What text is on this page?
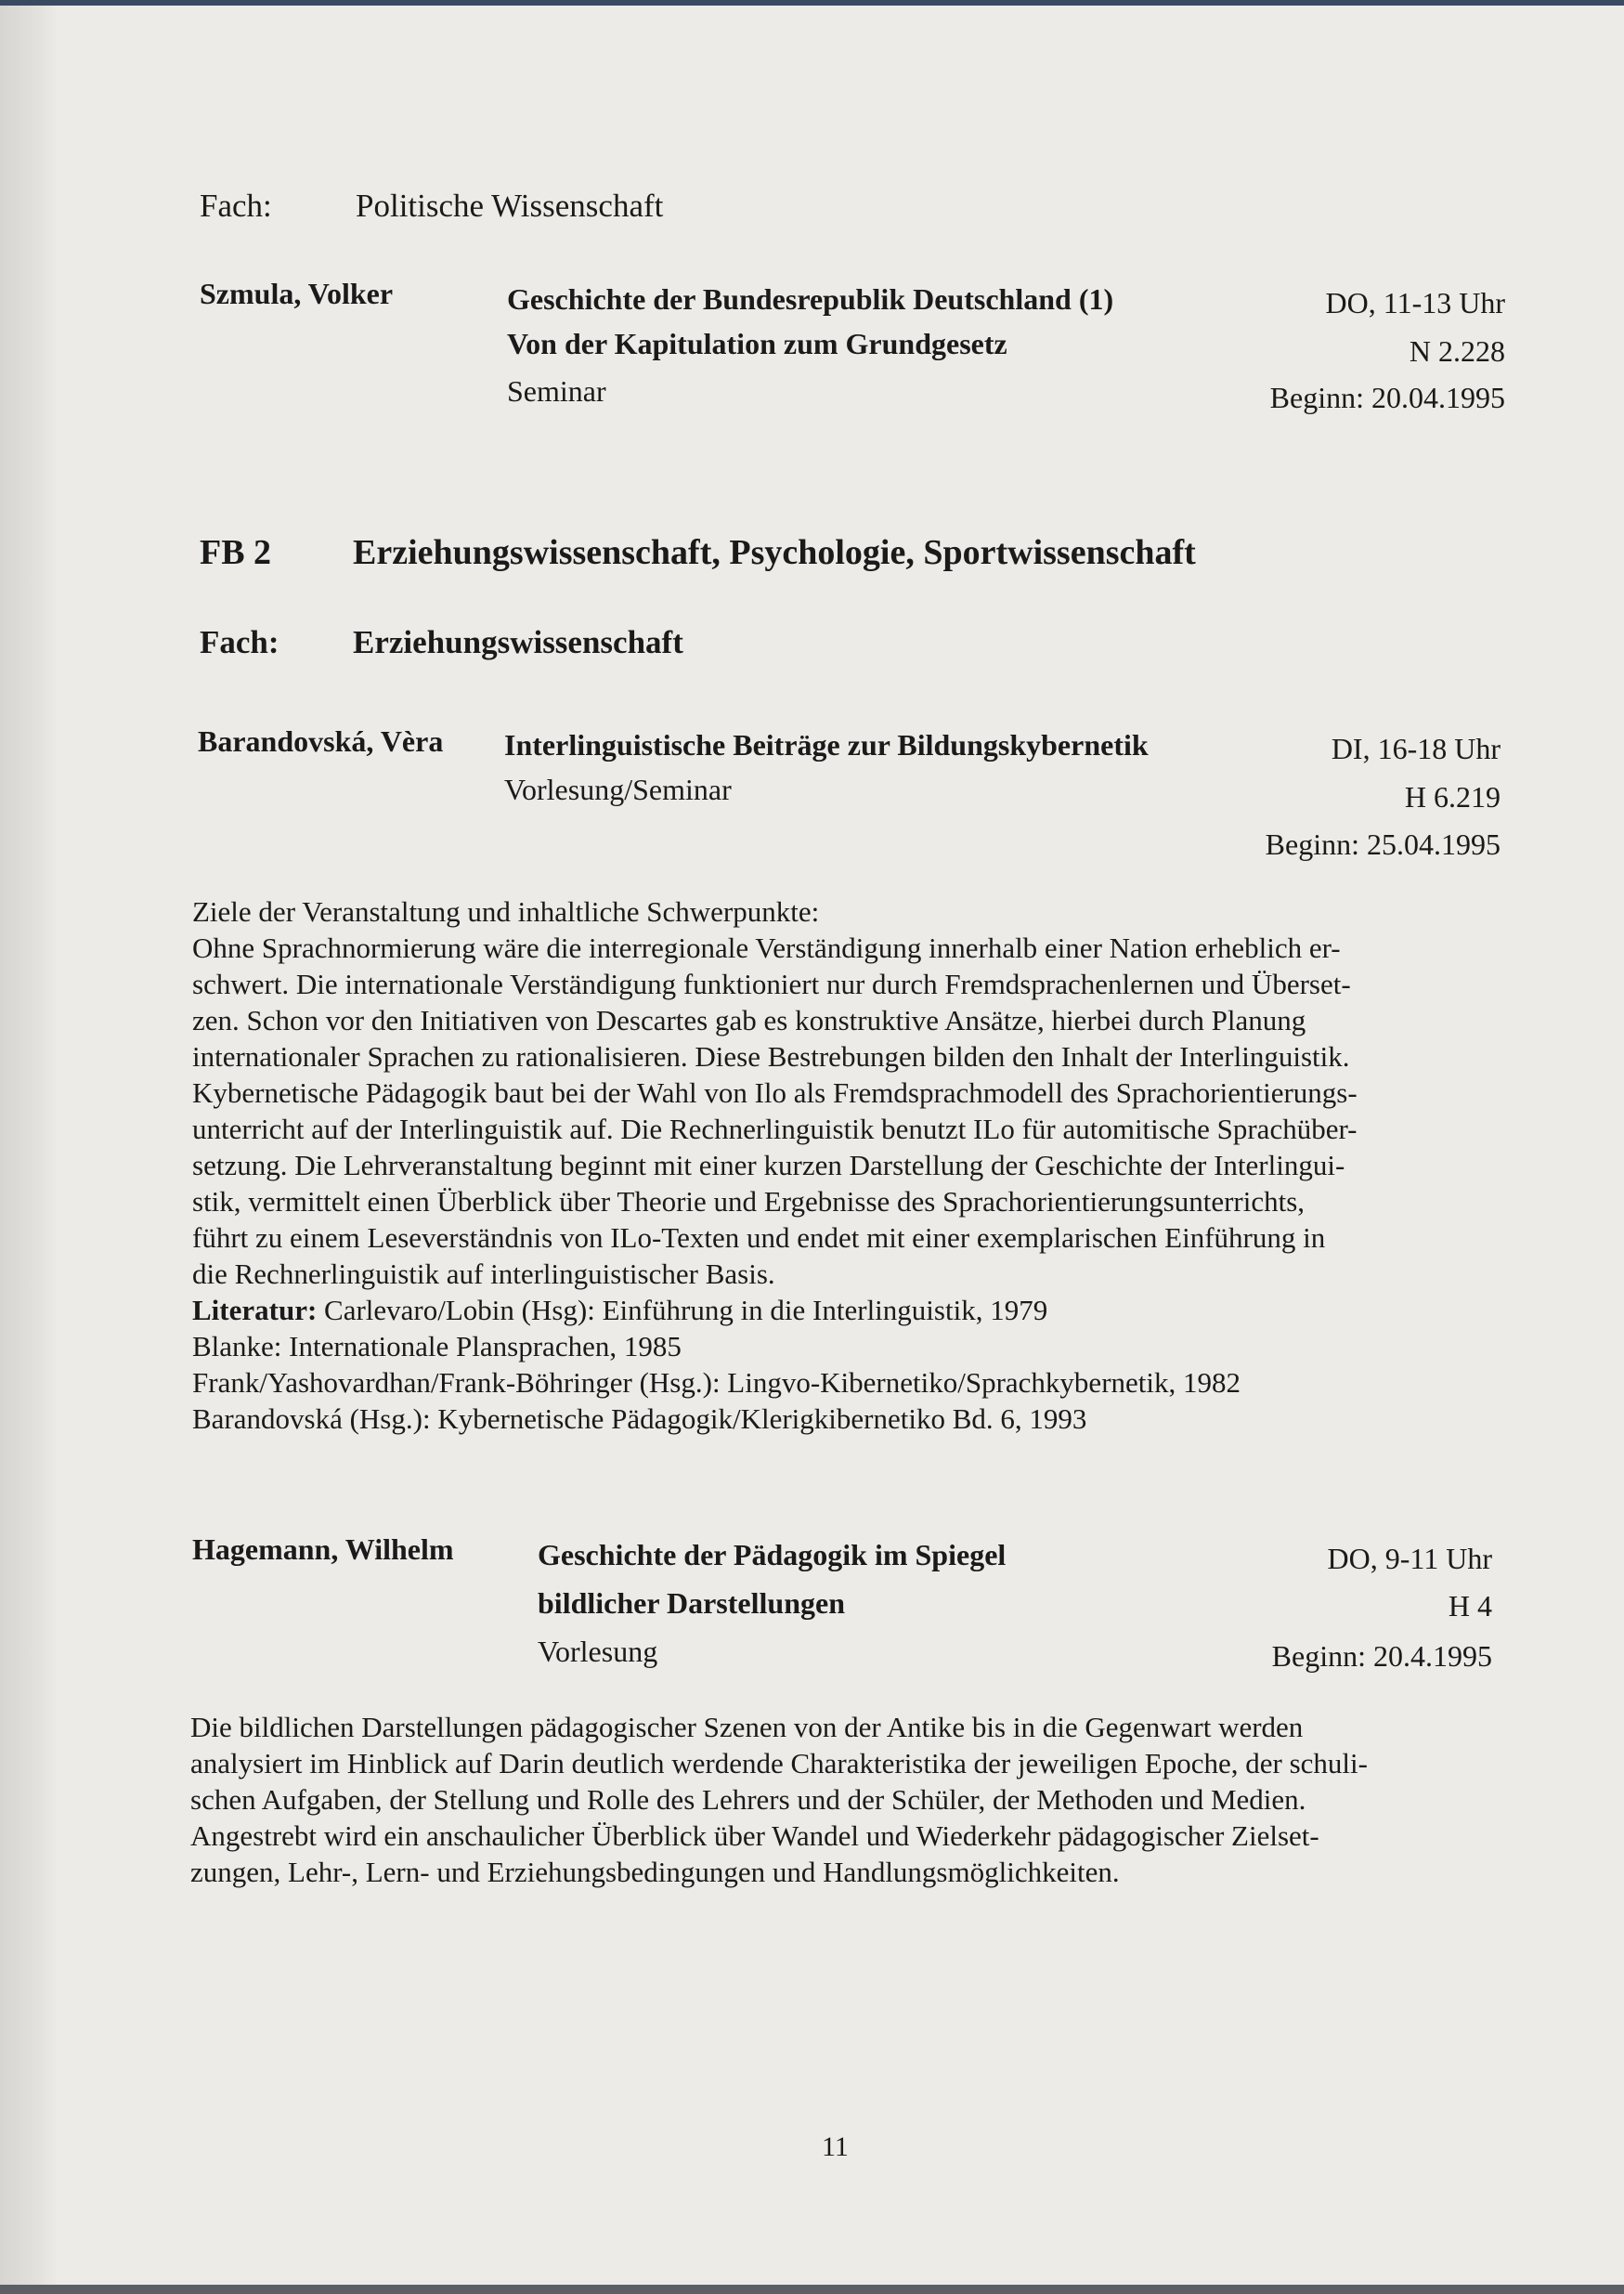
Fach:	Politische Wissenschaft
Szmula, Volker	Geschichte der Bundesrepublik Deutschland (1)
Von der Kapitulation zum Grundgesetz
Seminar
DO, 11-13 Uhr
N 2.228
Beginn: 20.04.1995
FB 2 Erziehungswissenschaft, Psychologie, Sportwissenschaft
Fach: Erziehungswissenschaft
Barandovská, Vèra Interlinguistische Beiträge zur Bildungskybernetik
Vorlesung/Seminar
DI, 16-18 Uhr
H 6.219
Beginn: 25.04.1995
Ziele der Veranstaltung und inhaltliche Schwerpunkte:
Ohne Sprachnormierung wäre die interregionale Verständigung innerhalb einer Nation erheblich er-
schwert. Die internationale Verständigung funktioniert nur durch Fremdsprachenlernen und Überset-
zen. Schon vor den Initiativen von Descartes gab es konstruktive Ansätze, hierbei durch Planung
internationaler Sprachen zu rationalisieren. Diese Bestrebungen bilden den Inhalt der Interlinguistik.
Kybernetische Pädagogik baut bei der Wahl von Ilo als Fremdsprachmodell des Sprachorientierungs-
unterricht auf der Interlinguistik auf. Die Rechnerlinguistik benutzt ILo für automitische Sprachüber-
setzung. Die Lehrveranstaltung beginnt mit einer kurzen Darstellung der Geschichte der Interlingui-
stik, vermittelt einen Überblick über Theorie und Ergebnisse des Sprachorientierungsunterrichts,
führt zu einem Leseverständnis von ILo-Texten und endet mit einer exemplarischen Einführung in
die Rechnerlinguistik auf interlinguistischer Basis.
Literatur: Carlevaro/Lobin (Hsg): Einführung in die Interlinguistik, 1979
Blanke: Internationale Plansprachen, 1985
Frank/Yashovardhan/Frank-Böhringer (Hsg.): Lingvo-Kibernetiko/Sprachkybernetik, 1982
Barandovská (Hsg.): Kybernetische Pädagogik/Klerigkibernetiko Bd. 6, 1993
Hagemann, Wilhelm	Geschichte der Pädagogik im Spiegel
bildlicher Darstellungen
Vorlesung
DO, 9-11 Uhr
H 4
Beginn: 20.4.1995
Die bildlichen Darstellungen pädagogischer Szenen von der Antike bis in die Gegenwart werden
analysiert im Hinblick auf Darin deutlich werdende Charakteristika der jeweiligen Epoche, der schuli-
schen Aufgaben, der Stellung und Rolle des Lehrers und der Schüler, der Methoden und Medien.
Angestrebt wird ein anschaulicher Überblick über Wandel und Wiederkehr pädagogischer Zielset-
zungen, Lehr-, Lern- und Erziehungsbedingungen und Handlungsmöglichkeiten.
11
